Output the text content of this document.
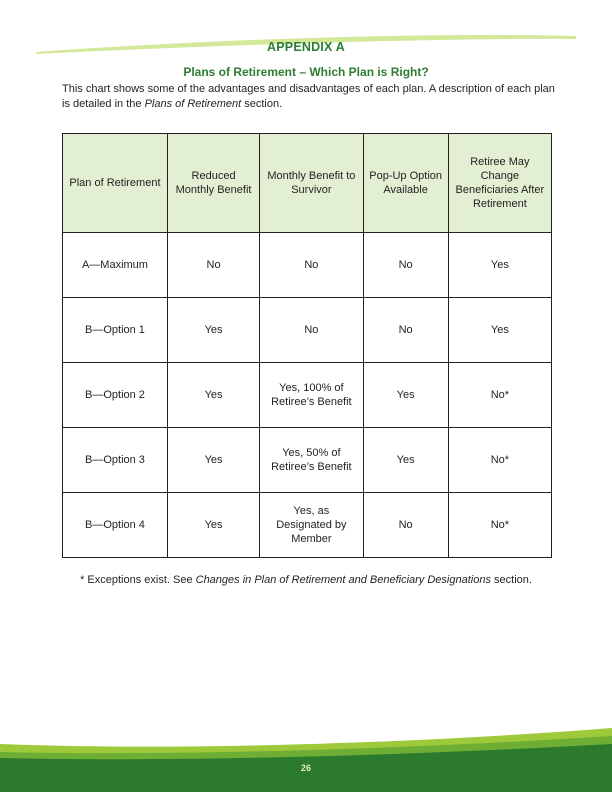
APPENDIX A
Plans of Retirement – Which Plan is Right?
This chart shows some of the advantages and disadvantages of each plan. A description of each plan is detailed in the Plans of Retirement section.
Plan of Retirement	Reduced Monthly Benefit	Monthly Benefit to Survivor	Pop-Up Option Available	Retiree May Change Beneficiaries After Retirement
A—Maximum	No	No	No	Yes
B—Option 1	Yes	No	No	Yes
B—Option 2	Yes	Yes, 100% of Retiree’s Benefit	Yes	No*
B—Option 3	Yes	Yes, 50% of Retiree’s Benefit	Yes	No*
B—Option 4	Yes	Yes, as Designated by Member	No	No*
* Exceptions exist. See Changes in Plan of Retirement and Beneficiary Designations section.
26
